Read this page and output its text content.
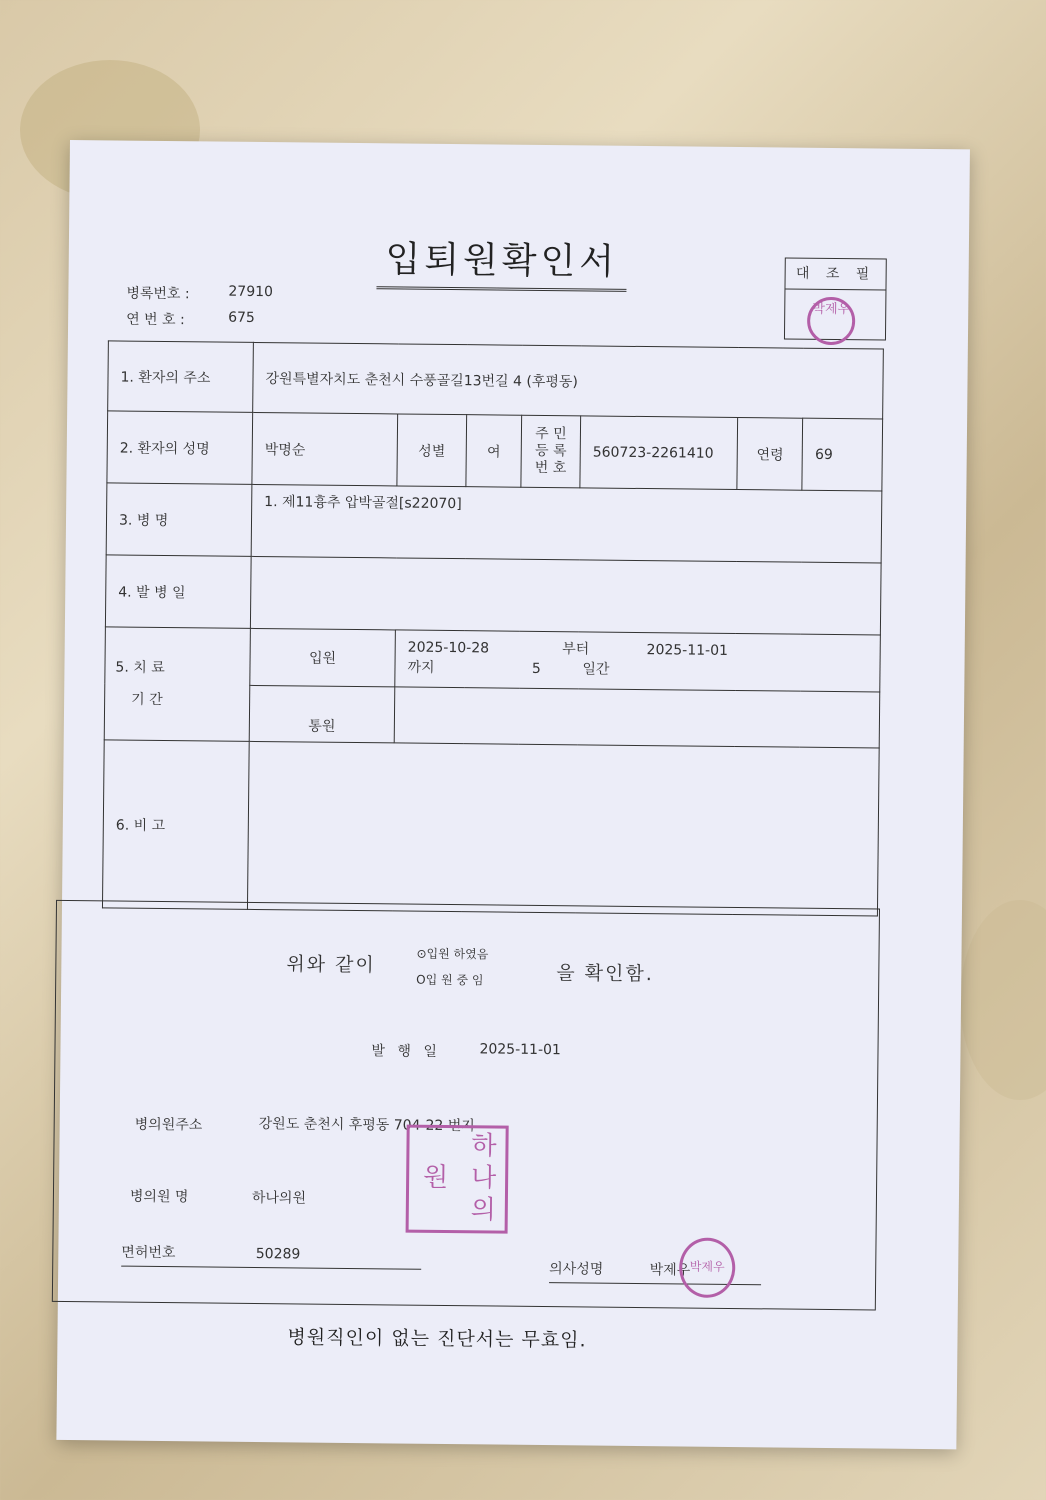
입퇴원확인서
병록번호 :	27910
연 번 호 :	675
대 조 필
박제우
1. 환자의 주소	강원특별자치도 춘천시 수풍골길13번길 4 (후평동)						
2. 환자의 성명	박명순	성별	여	주 민
등 록
번 호	560723-2261410	연령	69
3. 병 명	1. 제11흉추 압박골절[s22070]						
4. 발 병 일							

5. 치 료
기 간	입원	2025-10-28 부터 2025-11-01 까지 5 일간					
	통원						
6. 비 고							
위와 같이	⊙입원 하였음
O입 원 중 임	을 확인함.
발 행 일	2025-11-01
병의원주소	강원도 춘천시 후평동 704-22 번지
병의원 명	하나의원
면허번호	50289
의사성명	박제우
하나의원
박제우
병원직인이 없는 진단서는 무효임.
